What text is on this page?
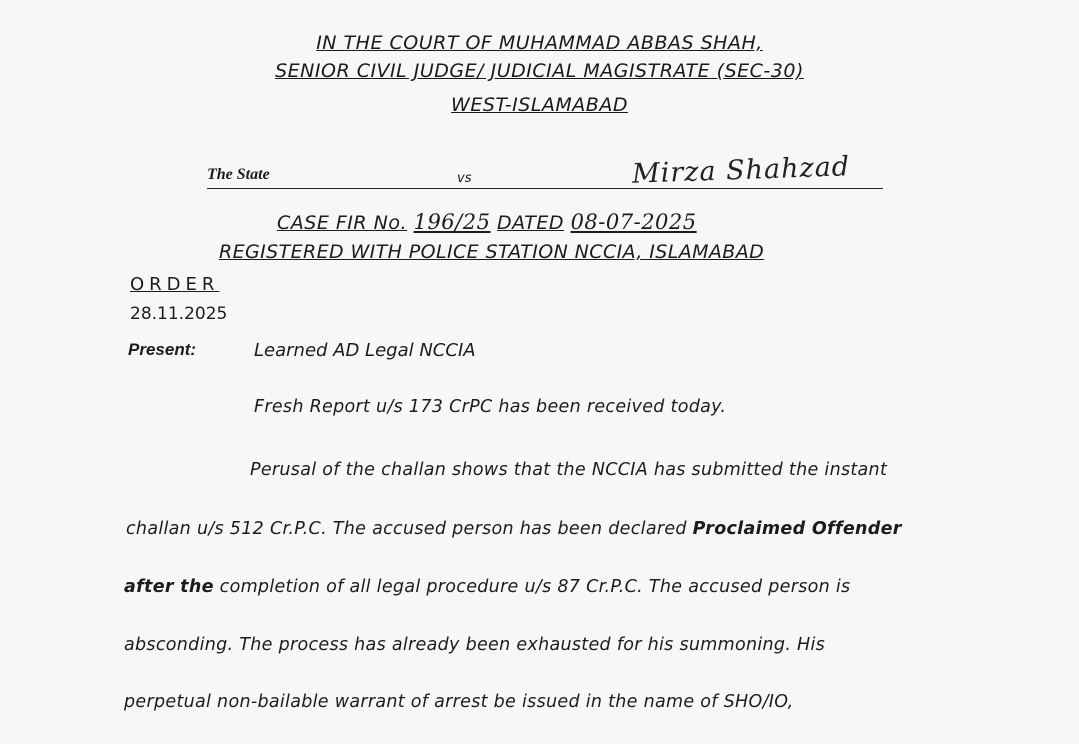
IN THE COURT OF MUHAMMAD ABBAS SHAH,
SENIOR CIVIL JUDGE/ JUDICIAL MAGISTRATE (SEC-30)
WEST-ISLAMABAD
The State	vs	Mirza Shahzad
CASE FIR No. 196/25 DATED 08-07-2025
REGISTERED WITH POLICE STATION NCCIA, ISLAMABAD
ORDER
28.11.2025
Present:	Learned AD Legal NCCIA
Fresh Report u/s 173 CrPC has been received today.
Perusal of the challan shows that the NCCIA has submitted the instant
challan u/s 512 Cr.P.C. The accused person has been declared Proclaimed Offender
after the completion of all legal procedure u/s 87 Cr.P.C. The accused person is
absconding. The process has already been exhausted for his summoning. His
perpetual non-bailable warrant of arrest be issued in the name of SHO/IO,
